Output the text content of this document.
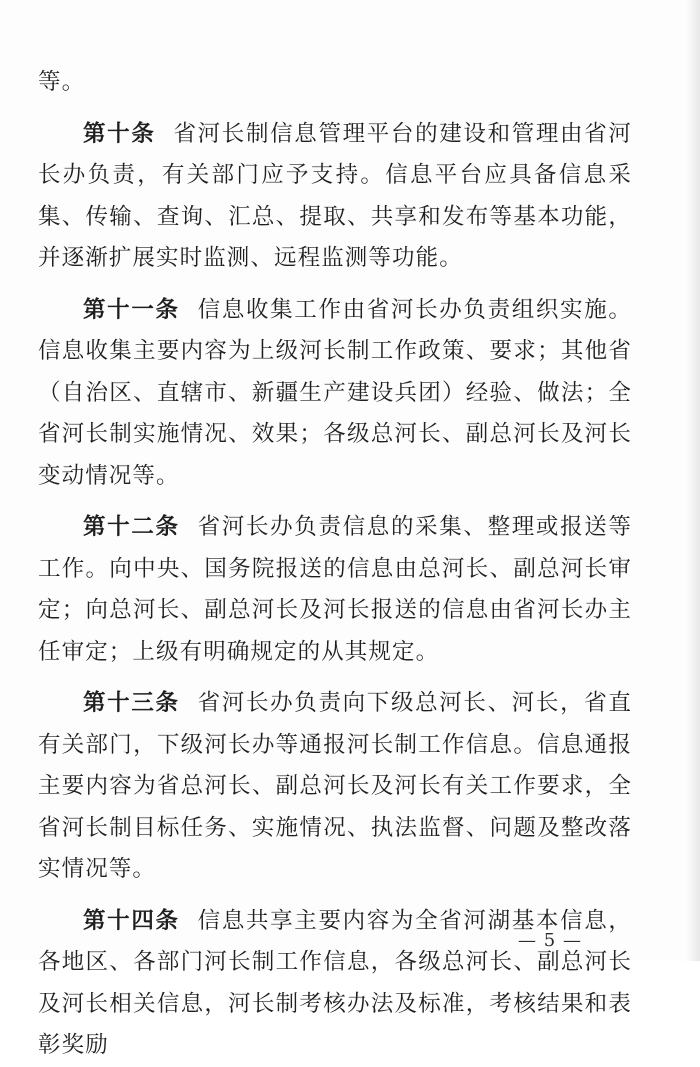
等。

第十条 省河长制信息管理平台的建设和管理由省河长办负责，有关部门应予支持。信息平台应具备信息采集、传输、查询、汇总、提取、共享和发布等基本功能，并逐渐扩展实时监测、远程监测等功能。

第十一条 信息收集工作由省河长办负责组织实施。信息收集主要内容为上级河长制工作政策、要求；其他省（自治区、直辖市、新疆生产建设兵团）经验、做法；全省河长制实施情况、效果；各级总河长、副总河长及河长变动情况等。

第十二条 省河长办负责信息的采集、整理或报送等工作。向中央、国务院报送的信息由总河长、副总河长审定；向总河长、副总河长及河长报送的信息由省河长办主任审定；上级有明确规定的从其规定。

第十三条 省河长办负责向下级总河长、河长，省直有关部门，下级河长办等通报河长制工作信息。信息通报主要内容为省总河长、副总河长及河长有关工作要求，全省河长制目标任务、实施情况、执法监督、问题及整改落实情况等。

第十四条 信息共享主要内容为全省河湖基本信息，各地区、各部门河长制工作信息，各级总河长、副总河长及河长相关信息，河长制考核办法及标准，考核结果和表彰奖励

— 5 —
